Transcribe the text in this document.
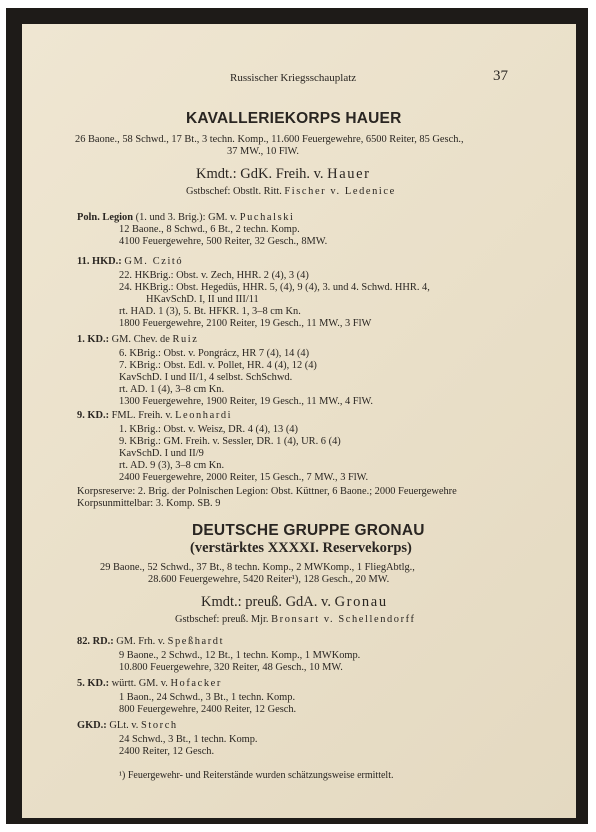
Russischer Kriegsschauplatz	37
KAVALLERIEKORPS HAUER
26 Baone., 58 Schwd., 17 Bt., 3 techn. Komp., 11.600 Feuergewehre, 6500 Reiter, 85 Gesch.,
37 MW., 10 FlW.
Kmdt.: GdK. Freih. v. Hauer
Gstbschef: Obstlt. Ritt. Fischer v. Ledenice
Poln. Legion (1. und 3. Brig.): GM. v. Puchalski
12 Baone., 8 Schwd., 6 Bt., 2 techn. Komp.
4100 Feuergewehre, 500 Reiter, 32 Gesch., 8MW.
11. HKD.: GM. Czitó
22. HKBrig.: Obst. v. Zech, HHR. 2 (4), 3 (4)
24. HKBrig.: Obst. Hegedüs, HHR. 5, (4), 9 (4), 3. und 4. Schwd. HHR. 4,
HKavSchD. I, II und III/11
rt. HAD. 1 (3), 5. Bt. HFKR. 1, 3–8 cm Kn.
1800 Feuergewehre, 2100 Reiter, 19 Gesch., 11 MW., 3 FlW
1. KD.: GM. Chev. de Ruiz
6. KBrig.: Obst. v. Pongrácz, HR 7 (4), 14 (4)
7. KBrig.: Obst. Edl. v. Pollet, HR. 4 (4), 12 (4)
KavSchD. I und II/1, 4 selbst. SchSchwd.
rt. AD. 1 (4), 3–8 cm Kn.
1300 Feuergewehre, 1900 Reiter, 19 Gesch., 11 MW., 4 FlW.
9. KD.: FML. Freih. v. Leonhardi
1. KBrig.: Obst. v. Weisz, DR. 4 (4), 13 (4)
9. KBrig.: GM. Freih. v. Sessler, DR. 1 (4), UR. 6 (4)
KavSchD. I und II/9
rt. AD. 9 (3), 3–8 cm Kn.
2400 Feuergewehre, 2000 Reiter, 15 Gesch., 7 MW., 3 FlW.
Korpsreserve: 2. Brig. der Polnischen Legion: Obst. Küttner, 6 Baone.; 2000 Feuergewehre
Korpsunmittelbar: 3. Komp. SB. 9
DEUTSCHE GRUPPE GRONAU
(verstärktes XXXXI. Reservekorps)
29 Baone., 52 Schwd., 37 Bt., 8 techn. Komp., 2 MWKomp., 1 FliegAbtlg.,
28.600 Feuergewehre, 5420 Reiter¹), 128 Gesch., 20 MW.
Kmdt.: preuß. GdA. v. Gronau
Gstbschef: preuß. Mjr. Bronsart v. Schellendorff
82. RD.: GM. Frh. v. Speßhardt
9 Baone., 2 Schwd., 12 Bt., 1 techn. Komp., 1 MWKomp.
10.800 Feuergewehre, 320 Reiter, 48 Gesch., 10 MW.
5. KD.: württ. GM. v. Hofacker
1 Baon., 24 Schwd., 3 Bt., 1 techn. Komp.
800 Feuergewehre, 2400 Reiter, 12 Gesch.
GKD.: GLt. v. Storch
24 Schwd., 3 Bt., 1 techn. Komp.
2400 Reiter, 12 Gesch.
¹) Feuergewehr- und Reiterstände wurden schätzungsweise ermittelt.
